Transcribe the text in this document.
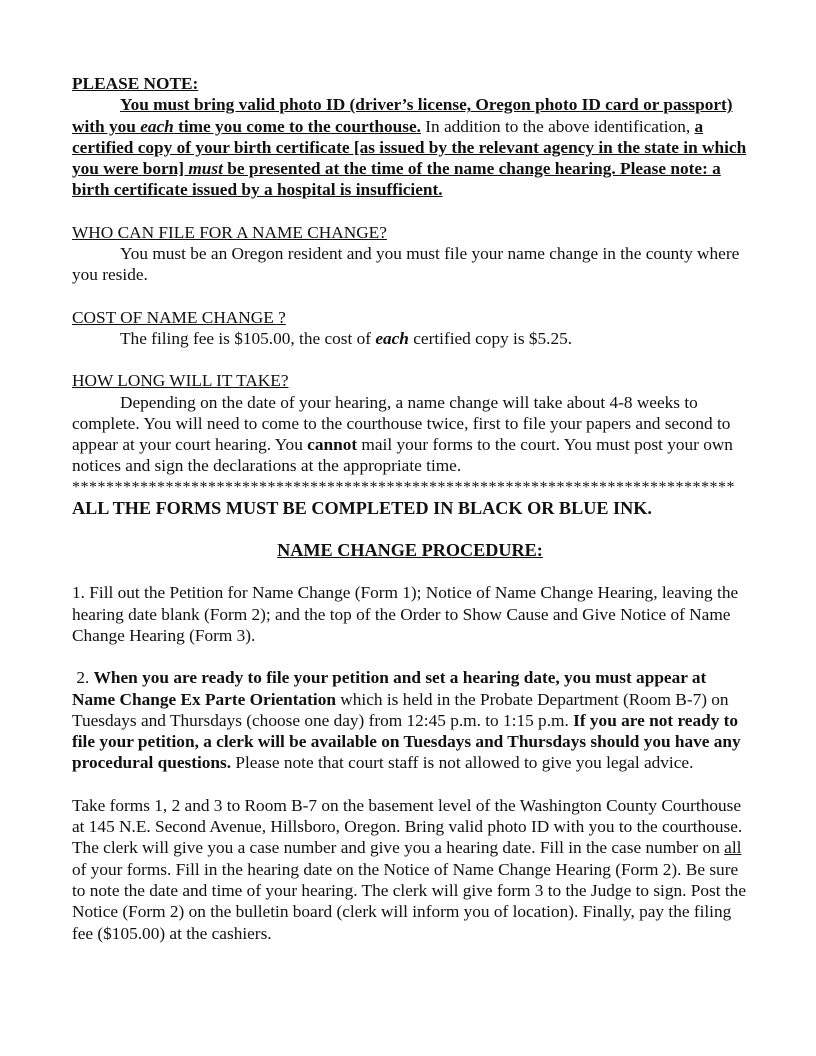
PLEASE NOTE:

You must bring valid photo ID (driver’s license, Oregon photo ID card or passport) with you each time you come to the courthouse. In addition to the above identification, a certified copy of your birth certificate [as issued by the relevant agency in the state in which you were born] must be presented at the time of the name change hearing. Please note: a birth certificate issued by a hospital is insufficient.

WHO CAN FILE FOR A NAME CHANGE?

You must be an Oregon resident and you must file your name change in the county where you reside.

COST OF NAME CHANGE ?

The filing fee is $105.00, the cost of each certified copy is $5.25.

HOW LONG WILL IT TAKE?

Depending on the date of your hearing, a name change will take about 4-8 weeks to complete. You will need to come to the courthouse twice, first to file your papers and second to appear at your court hearing. You cannot mail your forms to the court. You must post your own notices and sign the declarations at the appropriate time.

******************************************************************************

ALL THE FORMS MUST BE COMPLETED IN BLACK OR BLUE INK.

NAME CHANGE PROCEDURE:

1. Fill out the Petition for Name Change (Form 1); Notice of Name Change Hearing, leaving the hearing date blank (Form 2); and the top of the Order to Show Cause and Give Notice of Name Change Hearing (Form 3).

2. When you are ready to file your petition and set a hearing date, you must appear at Name Change Ex Parte Orientation which is held in the Probate Department (Room B-7) on Tuesdays and Thursdays (choose one day) from 12:45 p.m. to 1:15 p.m. If you are not ready to file your petition, a clerk will be available on Tuesdays and Thursdays should you have any procedural questions. Please note that court staff is not allowed to give you legal advice.

Take forms 1, 2 and 3 to Room B-7 on the basement level of the Washington County Courthouse at 145 N.E. Second Avenue, Hillsboro, Oregon. Bring valid photo ID with you to the courthouse. The clerk will give you a case number and give you a hearing date. Fill in the case number on all of your forms. Fill in the hearing date on the Notice of Name Change Hearing (Form 2). Be sure to note the date and time of your hearing. The clerk will give form 3 to the Judge to sign. Post the Notice (Form 2) on the bulletin board (clerk will inform you of location). Finally, pay the filing fee ($105.00) at the cashiers.
